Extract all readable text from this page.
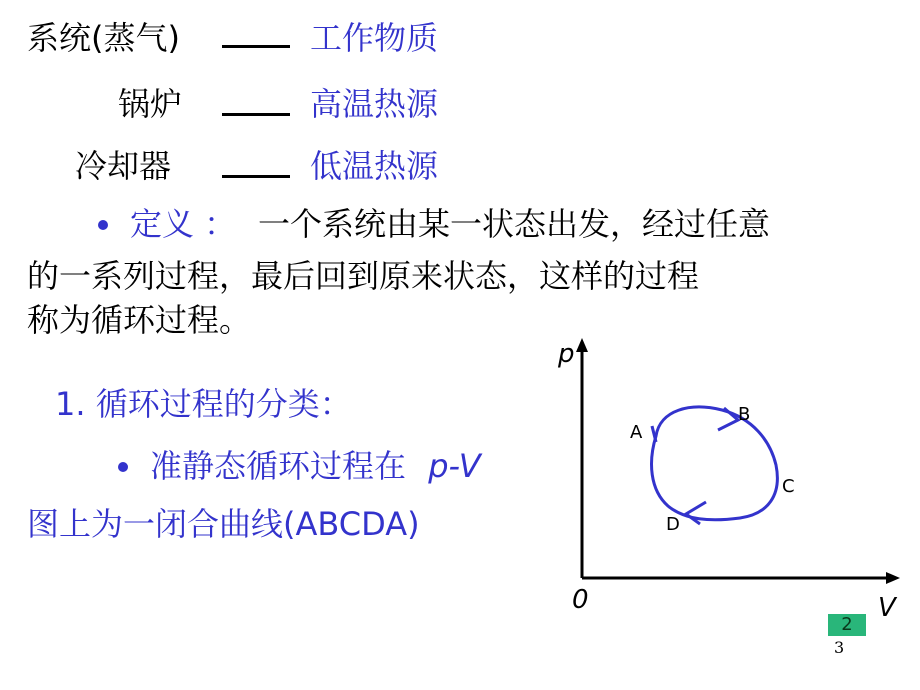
系统(蒸气)	工作物质
锅炉	高温热源
冷却器	低温热源
定义 ： 一个系统由某一状态出发，经过任意
的一系列过程，最后回到原来状态，这样的过程
称为循环过程。
1. 循环过程的分类：
准静态循环过程在 p-V
图上为一闭合曲线(ABCDA)
p
V
0
A
B
C
D
2
3
